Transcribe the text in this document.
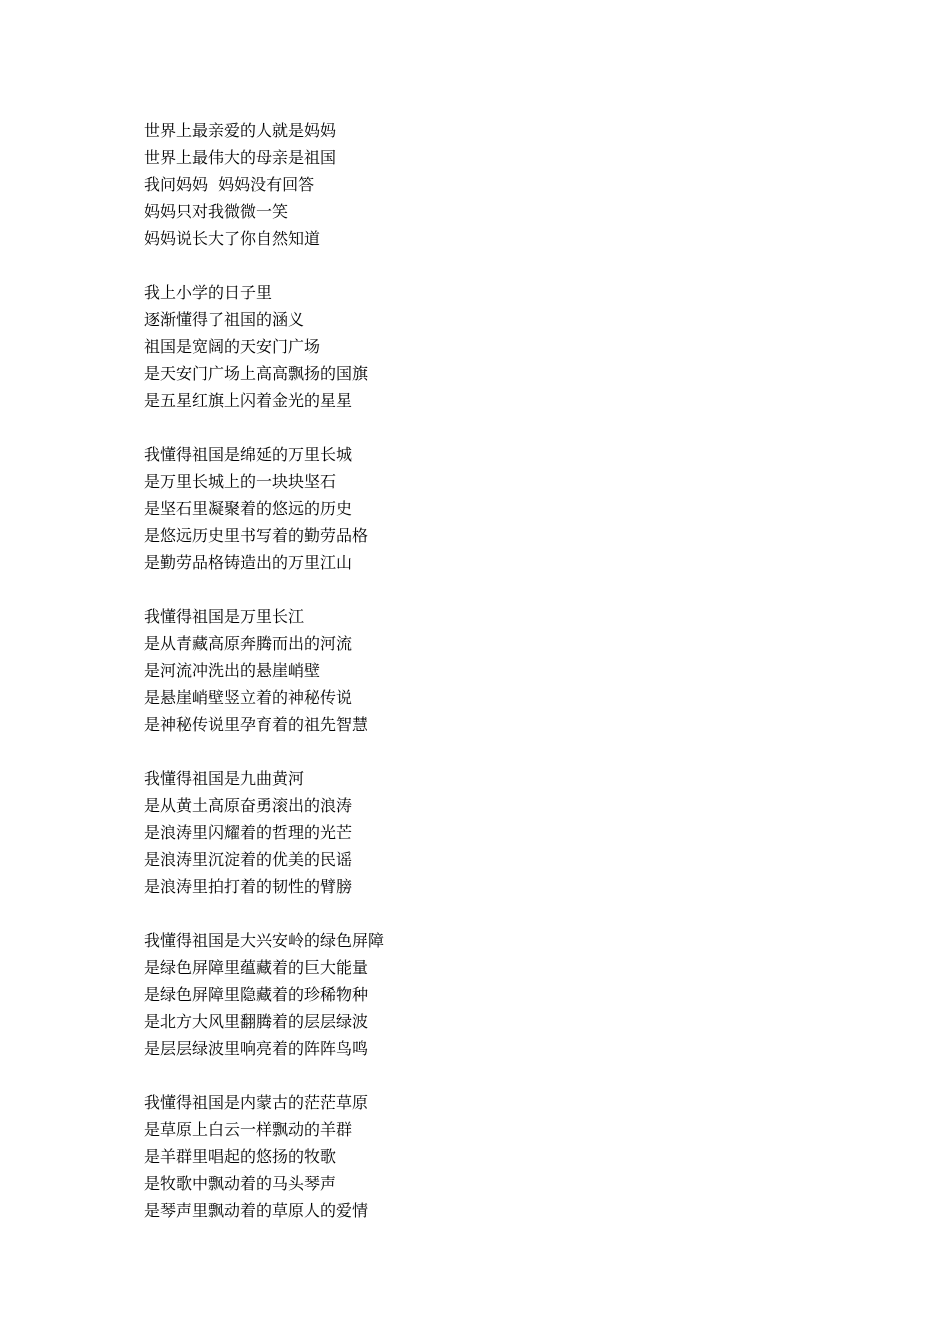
世界上最亲爱的人就是妈妈
世界上最伟大的母亲是祖国
我问妈妈  妈妈没有回答
妈妈只对我微微一笑
妈妈说长大了你自然知道
我上小学的日子里
逐渐懂得了祖国的涵义
祖国是宽阔的天安门广场
是天安门广场上高高飘扬的国旗
是五星红旗上闪着金光的星星
我懂得祖国是绵延的万里长城
是万里长城上的一块块坚石
是坚石里凝聚着的悠远的历史
是悠远历史里书写着的勤劳品格
是勤劳品格铸造出的万里江山
我懂得祖国是万里长江
是从青藏高原奔腾而出的河流
是河流冲洗出的悬崖峭壁
是悬崖峭壁竖立着的神秘传说
是神秘传说里孕育着的祖先智慧
我懂得祖国是九曲黄河
是从黄土高原奋勇滚出的浪涛
是浪涛里闪耀着的哲理的光芒
是浪涛里沉淀着的优美的民谣
是浪涛里拍打着的韧性的臂膀
我懂得祖国是大兴安岭的绿色屏障
是绿色屏障里蕴藏着的巨大能量
是绿色屏障里隐藏着的珍稀物种
是北方大风里翻腾着的层层绿波
是层层绿波里响亮着的阵阵鸟鸣
我懂得祖国是内蒙古的茫茫草原
是草原上白云一样飘动的羊群
是羊群里唱起的悠扬的牧歌
是牧歌中飘动着的马头琴声
是琴声里飘动着的草原人的爱情
